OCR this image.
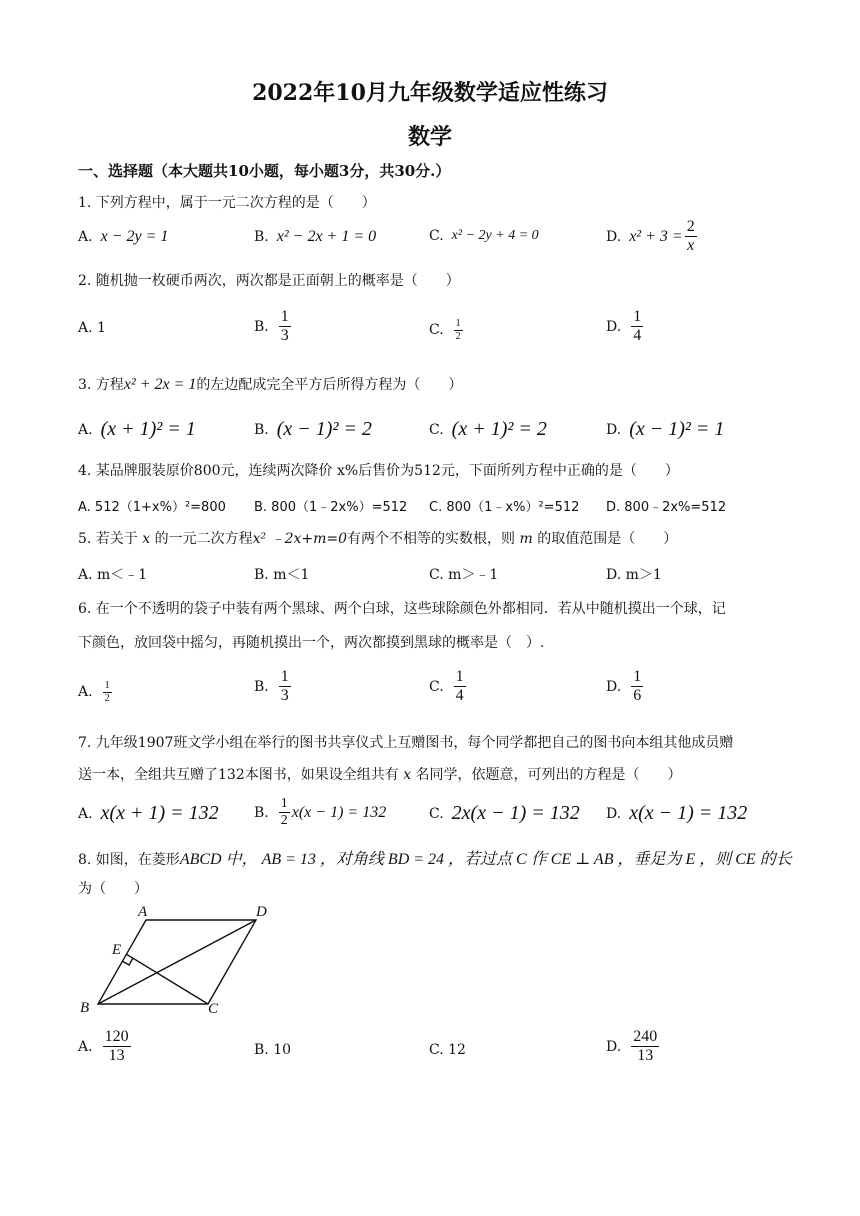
2022年10月九年级数学适应性练习
数学
一、选择题（本大题共10小题，每小题3分，共30分.）
1. 下列方程中，属于一元二次方程的是（　　）
A. x − 2y = 1	B. x² − 2x + 1 = 0	C. x² − 2y + 4 = 0	D. $x^2 + 3 = \frac{2}{x}$
2. 随机抛一枚硬币两次，两次都是正面朝上的概率是（　　）
A. 1	B. $\frac{1}{3}$	C. $\frac{1}{2}$	D. $\frac{1}{4}$
3. 方程x² + 2x = 1的左边配成完全平方后所得方程为（　　）
A. (x + 1)² = 1	B. (x − 1)² = 2	C. (x + 1)² = 2	D. (x − 1)² = 1
4. 某品牌服装原价800元，连续两次降价 x%后售价为512元，下面所列方程中正确的是（　　）
A. 512（1+x%）²=800 B. 800（1﹣2x%）=512 C. 800（1﹣x%）²=512 D. 800﹣2x%=512
5. 若关于 x 的一元二次方程x² ﹣2x+m=0有两个不相等的实数根，则 m 的取值范围是（　　）
A. m＜﹣1	B. m＜1	C. m＞﹣1	D. m＞1
6. 在一个不透明的袋子中装有两个黑球、两个白球，这些球除颜色外都相同．若从中随机摸出一个球，记
下颜色，放回袋中摇匀，再随机摸出一个，两次都摸到黑球的概率是（　）.
A. $\frac{1}{2}$	B. $\frac{1}{3}$	C. $\frac{1}{4}$	D. $\frac{1}{6}$
7. 九年级1907班文学小组在举行的图书共享仪式上互赠图书，每个同学都把自己的图书向本组其他成员赠
送一本，全组共互赠了132本图书，如果设全组共有 x 名同学，依题意，可列出的方程是（　　）
A. x(x + 1) = 132	B. $\frac{1}{2} x(x - 1) = 132$	C. 2x(x − 1) = 132 D. x(x − 1) = 132
8. 如图，在菱形ABCD 中， AB = 13 ，对角线 BD = 24 ，若过点 C 作 CE ⊥ AB ，垂足为 E ，则 CE 的长
为（　　）
A	D
E
B	C
A. $\frac{120}{13}$	B. 10	C. 12	D. $\frac{240}{13}$
